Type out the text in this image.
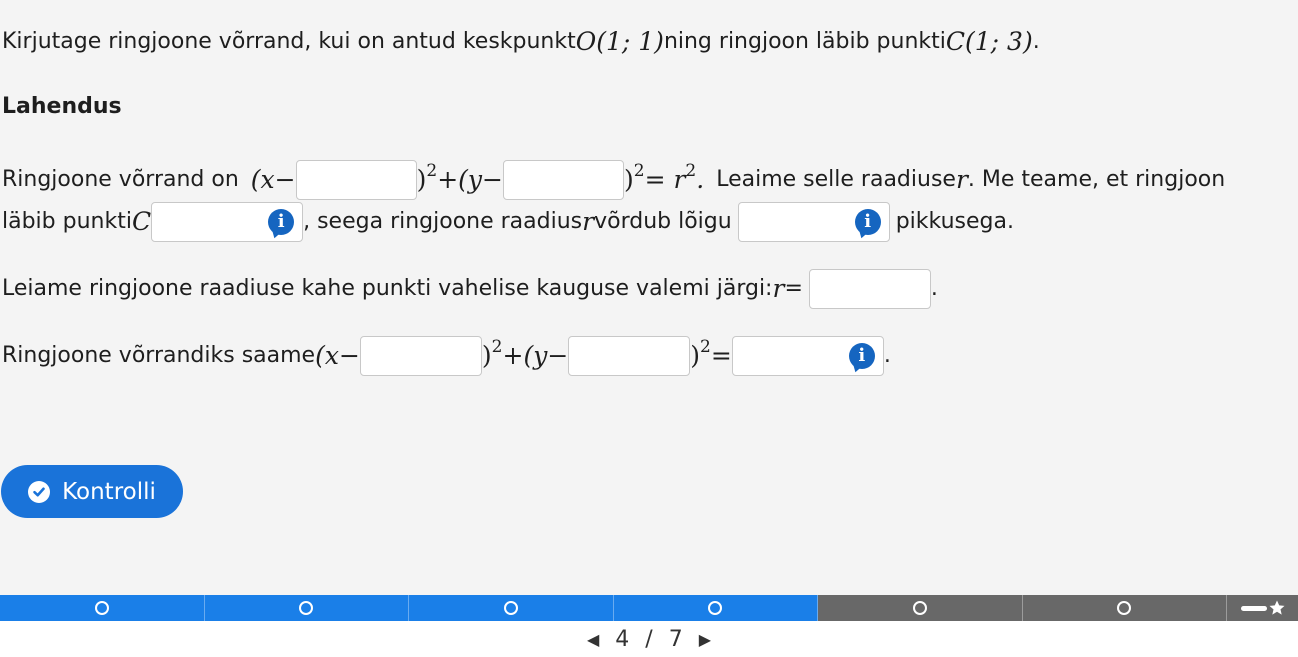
Kirjutage ringjoone võrrand, kui on antud keskpunkt O(1; 1) ning ringjoon läbib punkti C(1; 3) .
Lahendus
Ringjoone võrrand on (x−	)$^2$ +(y−	)$^2 = r^2$ . Leaime selle raadiuse r . Me teame, et ringjoon
läbib punkti C	i , seega ringjoone raadius r võrdub lõigu	i	pikkusega.
Leiame ringjoone raadiuse kahe punkti vahelise kauguse valemi järgi: r =	.
Ringjoone võrrandiks saame (x−	)$^2$ +(y−	)$^2$ =	i .
Kontrolli
◀ 4 / 7 ▶
